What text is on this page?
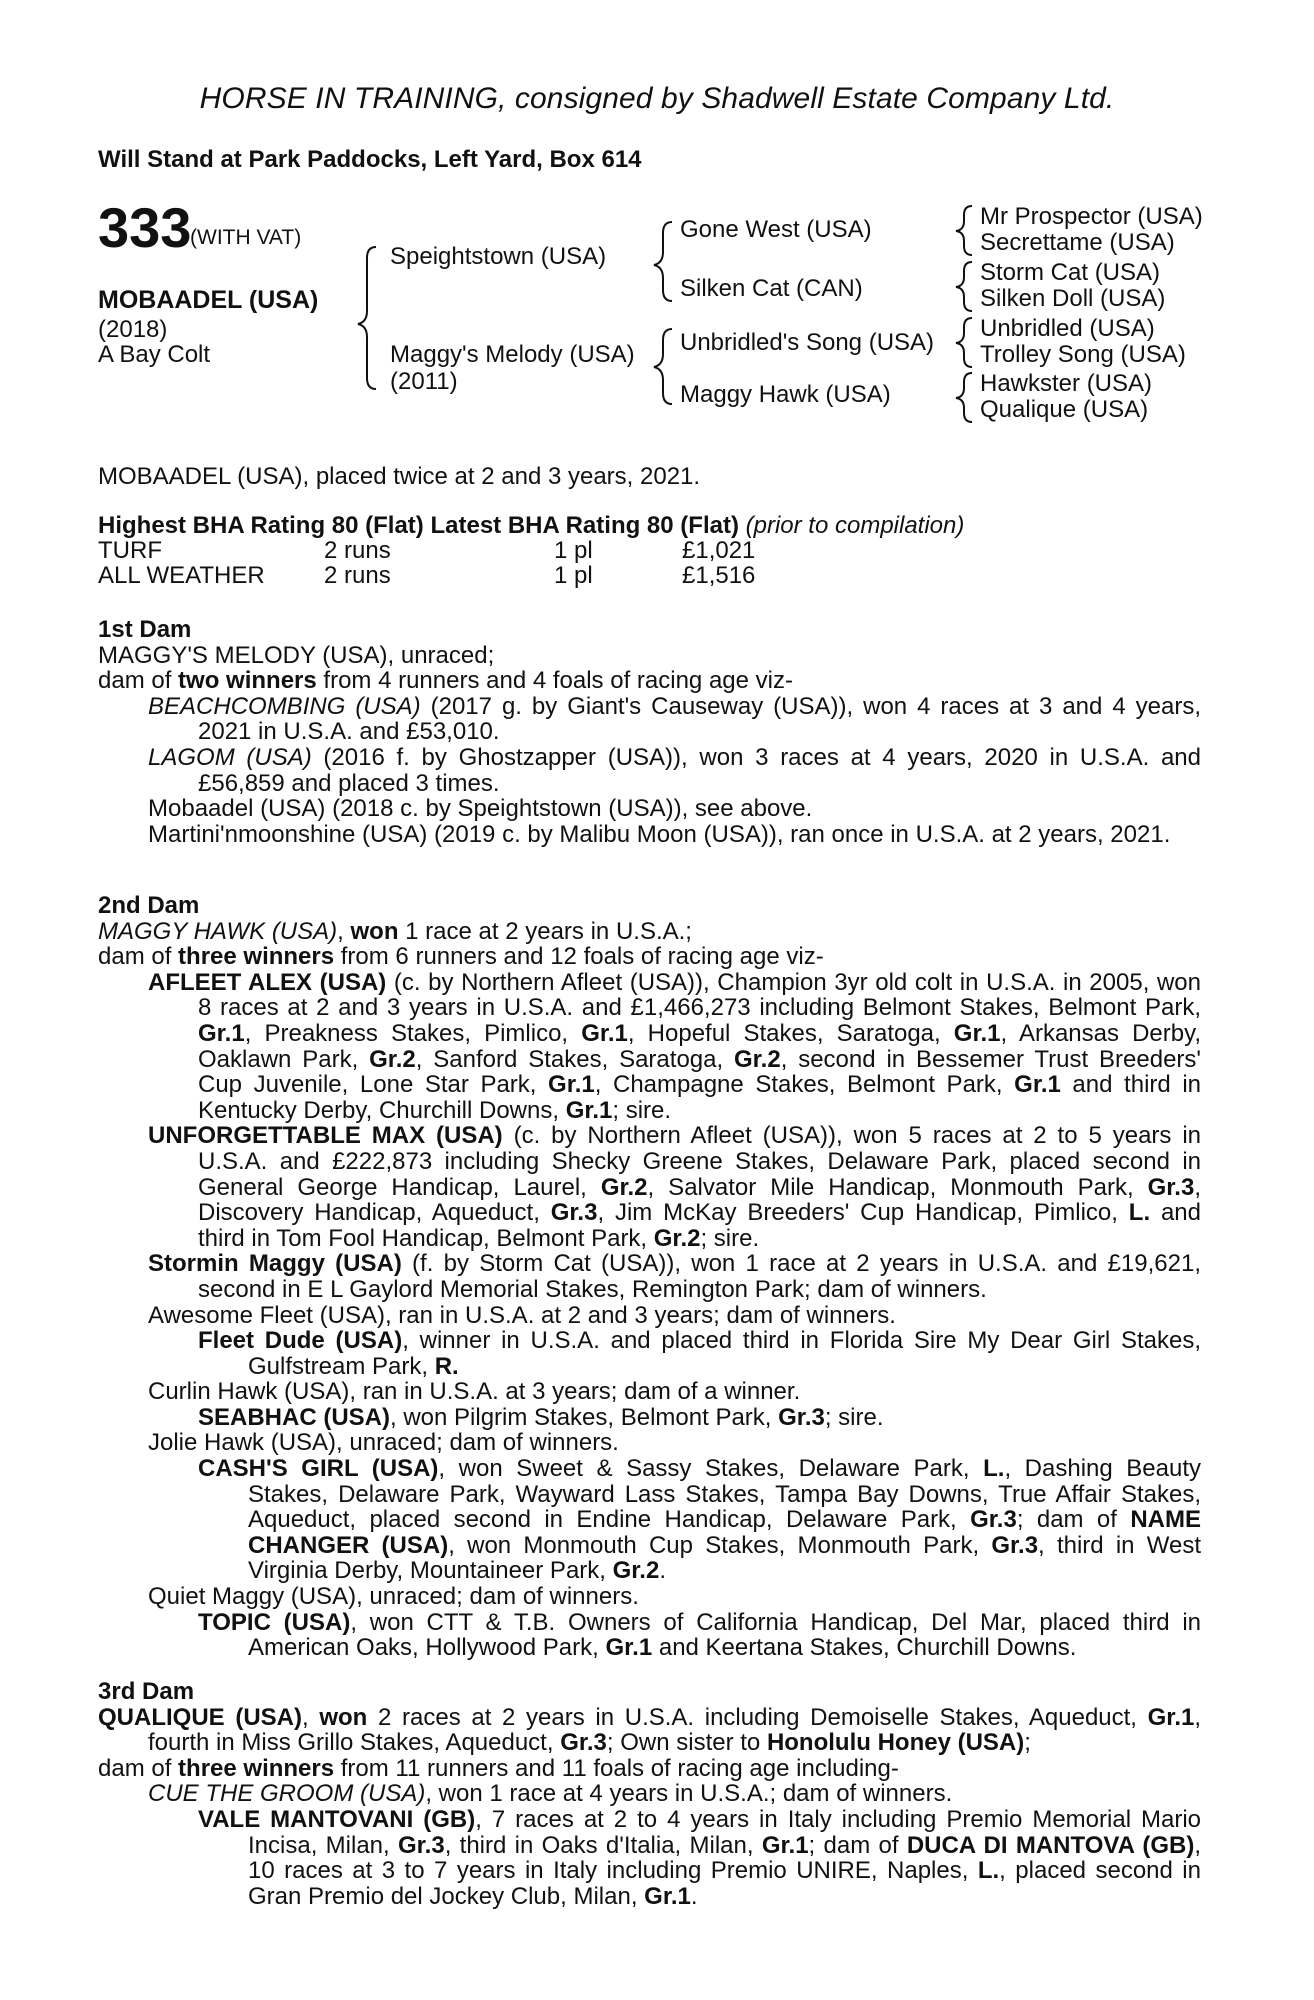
HORSE IN TRAINING, consigned by Shadwell Estate Company Ltd.
Will Stand at Park Paddocks, Left Yard, Box 614
333
(WITH VAT)
MOBAADEL (USA)
(2018)
A Bay Colt
Speightstown (USA)
Maggy's Melody (USA)
(2011)
Gone West (USA)
Silken Cat (CAN)
Unbridled's Song (USA)
Maggy Hawk (USA)
Mr Prospector (USA)
Secrettame (USA)
Storm Cat (USA)
Silken Doll (USA)
Unbridled (USA)
Trolley Song (USA)
Hawkster (USA)
Qualique (USA)
MOBAADEL (USA), placed twice at 2 and 3 years, 2021.
Highest BHA Rating 80 (Flat) Latest BHA Rating 80 (Flat) (prior to compilation)
TURF	2 runs	1 pl	£1,021
ALL WEATHER 2 runs	1 pl	£1,516

1st Dam

MAGGY'S MELODY (USA), unraced;

dam of two winners from 4 runners and 4 foals of racing age viz-

BEACHCOMBING (USA) (2017 g. by Giant's Causeway (USA)), won 4 races at 3 and 4 years, 2021 in U.S.A. and £53,010.

LAGOM (USA) (2016 f. by Ghostzapper (USA)), won 3 races at 4 years, 2020 in U.S.A. and £56,859 and placed 3 times.

Mobaadel (USA) (2018 c. by Speightstown (USA)), see above.

Martini'nmoonshine (USA) (2019 c. by Malibu Moon (USA)), ran once in U.S.A. at 2 years, 2021.

2nd Dam

MAGGY HAWK (USA), won 1 race at 2 years in U.S.A.;

dam of three winners from 6 runners and 12 foals of racing age viz-

AFLEET ALEX (USA) (c. by Northern Afleet (USA)), Champion 3yr old colt in U.S.A. in 2005, won 8 races at 2 and 3 years in U.S.A. and £1,466,273 including Belmont Stakes, Belmont Park, Gr.1, Preakness Stakes, Pimlico, Gr.1, Hopeful Stakes, Saratoga, Gr.1, Arkansas Derby, Oaklawn Park, Gr.2, Sanford Stakes, Saratoga, Gr.2, second in Bessemer Trust Breeders' Cup Juvenile, Lone Star Park, Gr.1, Champagne Stakes, Belmont Park, Gr.1 and third in Kentucky Derby, Churchill Downs, Gr.1; sire.

UNFORGETTABLE MAX (USA) (c. by Northern Afleet (USA)), won 5 races at 2 to 5 years in U.S.A. and £222,873 including Shecky Greene Stakes, Delaware Park, placed second in General George Handicap, Laurel, Gr.2, Salvator Mile Handicap, Monmouth Park, Gr.3, Discovery Handicap, Aqueduct, Gr.3, Jim McKay Breeders' Cup Handicap, Pimlico, L. and third in Tom Fool Handicap, Belmont Park, Gr.2; sire.

Stormin Maggy (USA) (f. by Storm Cat (USA)), won 1 race at 2 years in U.S.A. and £19,621, second in E L Gaylord Memorial Stakes, Remington Park; dam of winners.

Awesome Fleet (USA), ran in U.S.A. at 2 and 3 years; dam of winners.

Fleet Dude (USA), winner in U.S.A. and placed third in Florida Sire My Dear Girl Stakes, Gulfstream Park, R.

Curlin Hawk (USA), ran in U.S.A. at 3 years; dam of a winner.

SEABHAC (USA), won Pilgrim Stakes, Belmont Park, Gr.3; sire.

Jolie Hawk (USA), unraced; dam of winners.

CASH'S GIRL (USA), won Sweet & Sassy Stakes, Delaware Park, L., Dashing Beauty Stakes, Delaware Park, Wayward Lass Stakes, Tampa Bay Downs, True Affair Stakes, Aqueduct, placed second in Endine Handicap, Delaware Park, Gr.3; dam of NAME CHANGER (USA), won Monmouth Cup Stakes, Monmouth Park, Gr.3, third in West Virginia Derby, Mountaineer Park, Gr.2.

Quiet Maggy (USA), unraced; dam of winners.

TOPIC (USA), won CTT & T.B. Owners of California Handicap, Del Mar, placed third in American Oaks, Hollywood Park, Gr.1 and Keertana Stakes, Churchill Downs.

3rd Dam

QUALIQUE (USA), won 2 races at 2 years in U.S.A. including Demoiselle Stakes, Aqueduct, Gr.1, fourth in Miss Grillo Stakes, Aqueduct, Gr.3; Own sister to Honolulu Honey (USA);

dam of three winners from 11 runners and 11 foals of racing age including-

CUE THE GROOM (USA), won 1 race at 4 years in U.S.A.; dam of winners.

VALE MANTOVANI (GB), 7 races at 2 to 4 years in Italy including Premio Memorial Mario Incisa, Milan, Gr.3, third in Oaks d'Italia, Milan, Gr.1; dam of DUCA DI MANTOVA (GB), 10 races at 3 to 7 years in Italy including Premio UNIRE, Naples, L., placed second in Gran Premio del Jockey Club, Milan, Gr.1.
